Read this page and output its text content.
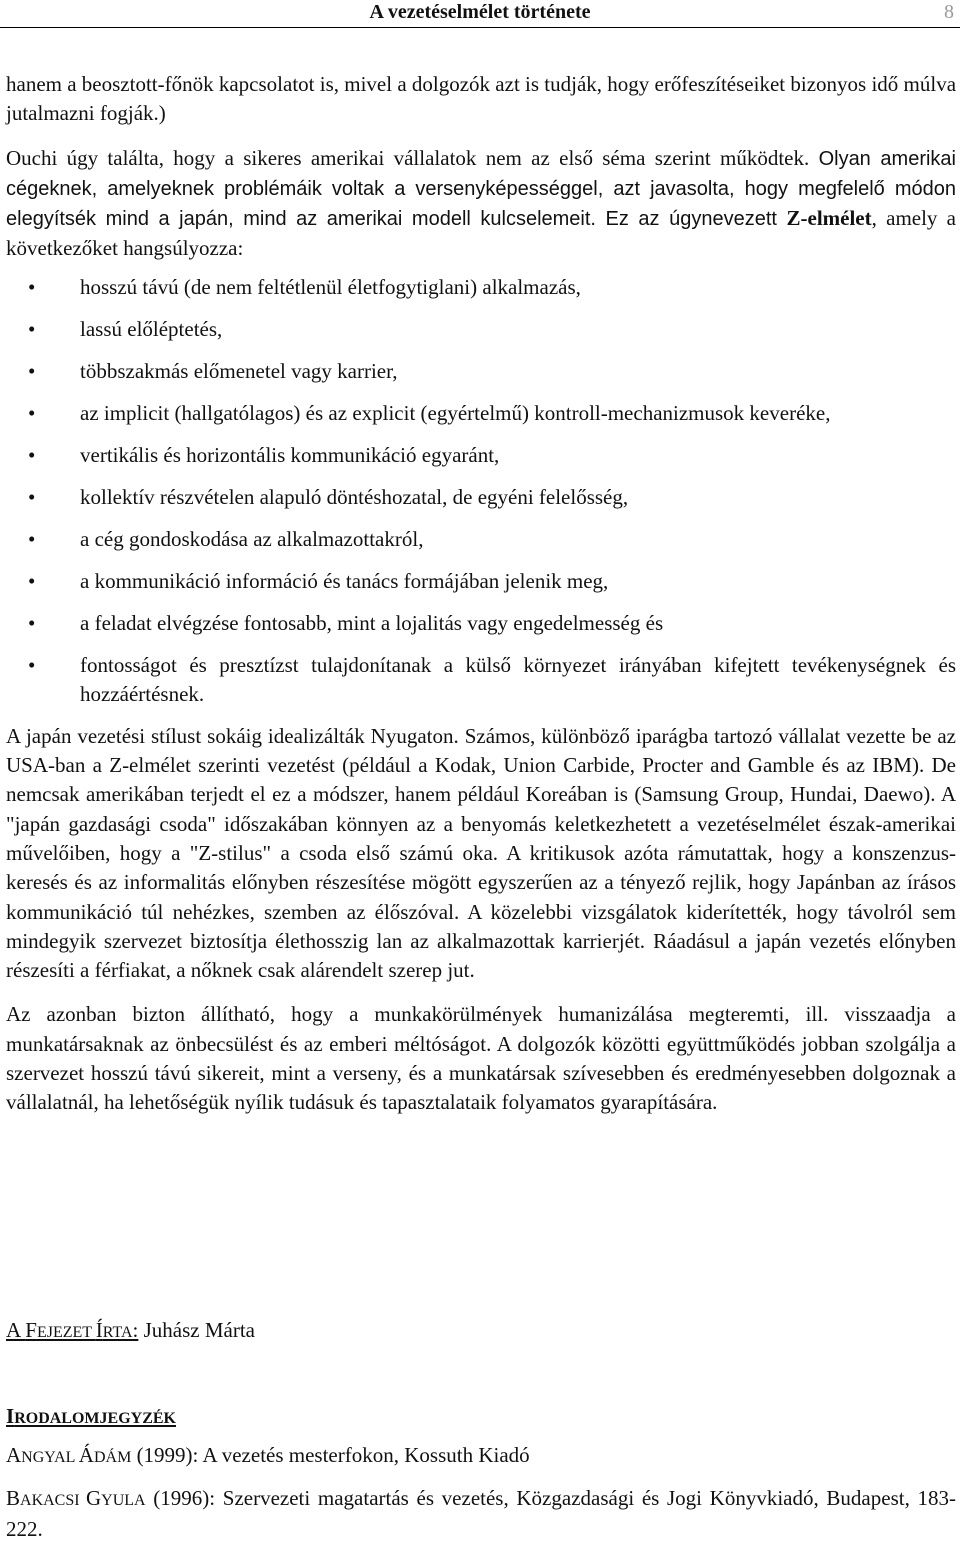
A vezetéselmélet története	8

hanem a beosztott-főnök kapcsolatot is, mivel a dolgozók azt is tudják, hogy erőfeszítéseiket bizonyos idő múlva jutalmazni fogják.)

Ouchi úgy találta, hogy a sikeres amerikai vállalatok nem az első séma szerint működtek. Olyan amerikai cégeknek, amelyeknek problémáik voltak a versenyképességgel, azt javasolta, hogy megfelelő módon elegyítsék mind a japán, mind az amerikai modell kulcselemeit. Ez az úgynevezett Z-elmélet, amely a következőket hangsúlyozza:

• hosszú távú (de nem feltétlenül életfogytiglani) alkalmazás,
• lassú előléptetés,
• többszakmás előmenetel vagy karrier,
• az implicit (hallgatólagos) és az explicit (egyértelmű) kontroll-mechanizmusok keveréke,
• vertikális és horizontális kommunikáció egyaránt,
• kollektív részvételen alapuló döntéshozatal, de egyéni felelősség,
• a cég gondoskodása az alkalmazottakról,
• a kommunikáció információ és tanács formájában jelenik meg,
• a feladat elvégzése fontosabb, mint a lojalitás vagy engedelmesség és
• fontosságot és presztízst tulajdonítanak a külső környezet irányában kifejtett tevékenységnek és hozzáértésnek.

A japán vezetési stílust sokáig idealizálták Nyugaton. Számos, különböző iparágba tartozó vállalat vezette be az USA-ban a Z-elmélet szerinti vezetést (például a Kodak, Union Carbide, Procter and Gamble és az IBM). De nemcsak amerikában terjedt el ez a módszer, hanem például Koreában is (Samsung Group, Hundai, Daewo). A "japán gazdasági csoda" időszakában könnyen az a benyomás keletkezhetett a vezetéselmélet észak-amerikai művelőiben, hogy a "Z-stilus" a csoda első számú oka. A kritikusok azóta rámutattak, hogy a konszenzus-keresés és az informalitás előnyben részesítése mögött egyszerűen az a tényező rejlik, hogy Japánban az írásos kommunikáció túl nehézkes, szemben az élőszóval. A közelebbi vizsgálatok kiderítették, hogy távolról sem mindegyik szervezet biztosítja élethosszig lan az alkalmazottak karrierjét. Ráadásul a japán vezetés előnyben részesíti a férfiakat, a nőknek csak alárendelt szerep jut.

Az azonban bizton állítható, hogy a munkakörülmények humanizálása megteremti, ill. visszaadja a munkatársaknak az önbecsülést és az emberi méltóságot. A dolgozók közötti együttműködés jobban szolgálja a szervezet hosszú távú sikereit, mint a verseny, és a munkatársak szívesebben és eredményesebben dolgoznak a vállalatnál, ha lehetőségük nyílik tudásuk és tapasztalataik folyamatos gyarapítására.

A FEJEZET ÍRTA: Juhász Márta
IRODALOMJEGYZÉK
ANGYAL ÁDÁM (1999): A vezetés mesterfokon, Kossuth Kiadó
BAKACSI GYULA (1996): Szervezeti magatartás és vezetés, Közgazdasági és Jogi Könyvkiadó, Budapest, 183-222.
